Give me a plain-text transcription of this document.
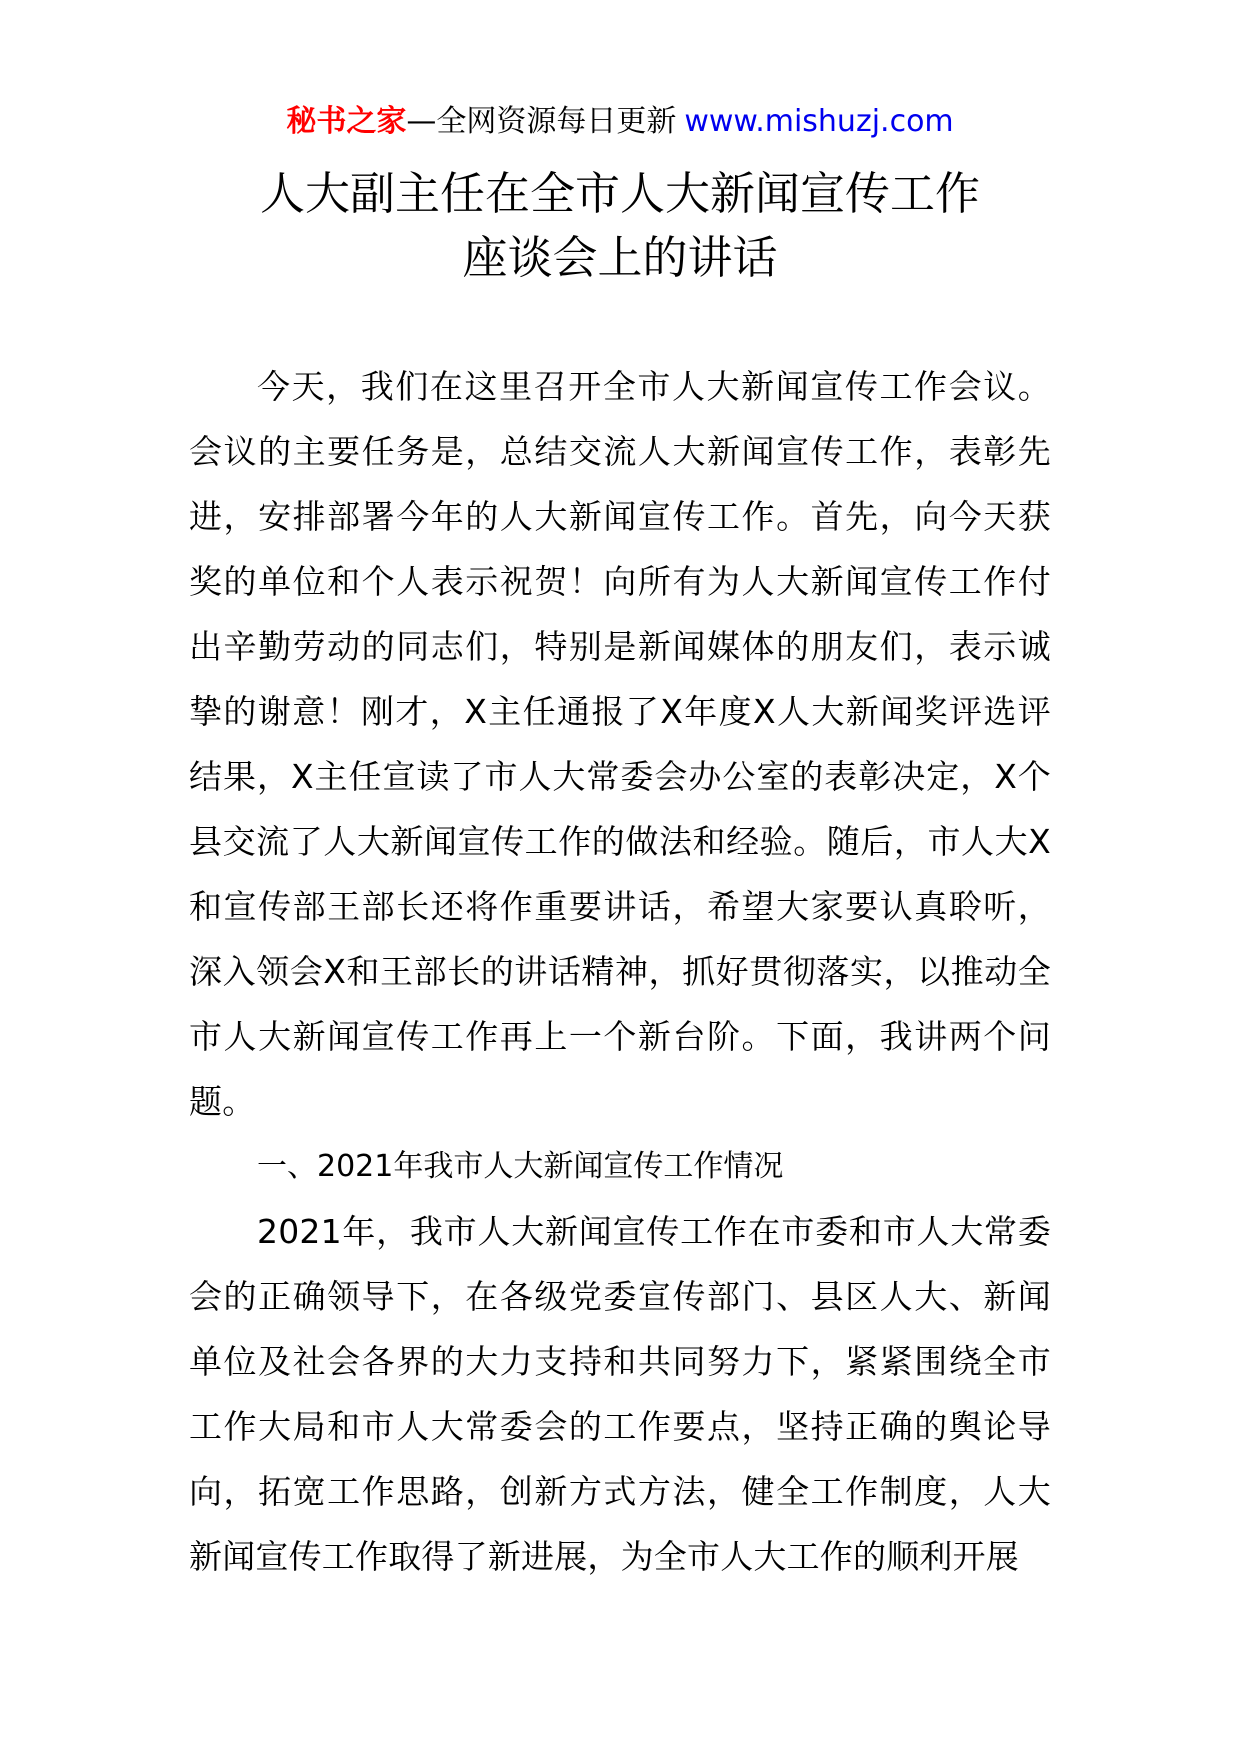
秘书之家—全网资源每日更新 www.mishuzj.com
人大副主任在全市人大新闻宣传工作
座谈会上的讲话

今天，我们在这里召开全市人大新闻宣传工作会议。会议的主要任务是，总结交流人大新闻宣传工作，表彰先进，安排部署今年的人大新闻宣传工作。首先，向今天获奖的单位和个人表示祝贺！向所有为人大新闻宣传工作付出辛勤劳动的同志们，特别是新闻媒体的朋友们，表示诚挚的谢意！刚才，X主任通报了X年度X人大新闻奖评选评结果，X主任宣读了市人大常委会办公室的表彰决定，X个县交流了人大新闻宣传工作的做法和经验。随后，市人大X和宣传部王部长还将作重要讲话，希望大家要认真聆听，深入领会X和王部长的讲话精神，抓好贯彻落实，以推动全市人大新闻宣传工作再上一个新台阶。下面，我讲两个问题。

一、2021年我市人大新闻宣传工作情况

2021年，我市人大新闻宣传工作在市委和市人大常委会的正确领导下，在各级党委宣传部门、县区人大、新闻单位及社会各界的大力支持和共同努力下，紧紧围绕全市工作大局和市人大常委会的工作要点，坚持正确的舆论导向，拓宽工作思路，创新方式方法，健全工作制度，人大新闻宣传工作取得了新进展，为全市人大工作的顺利开展
